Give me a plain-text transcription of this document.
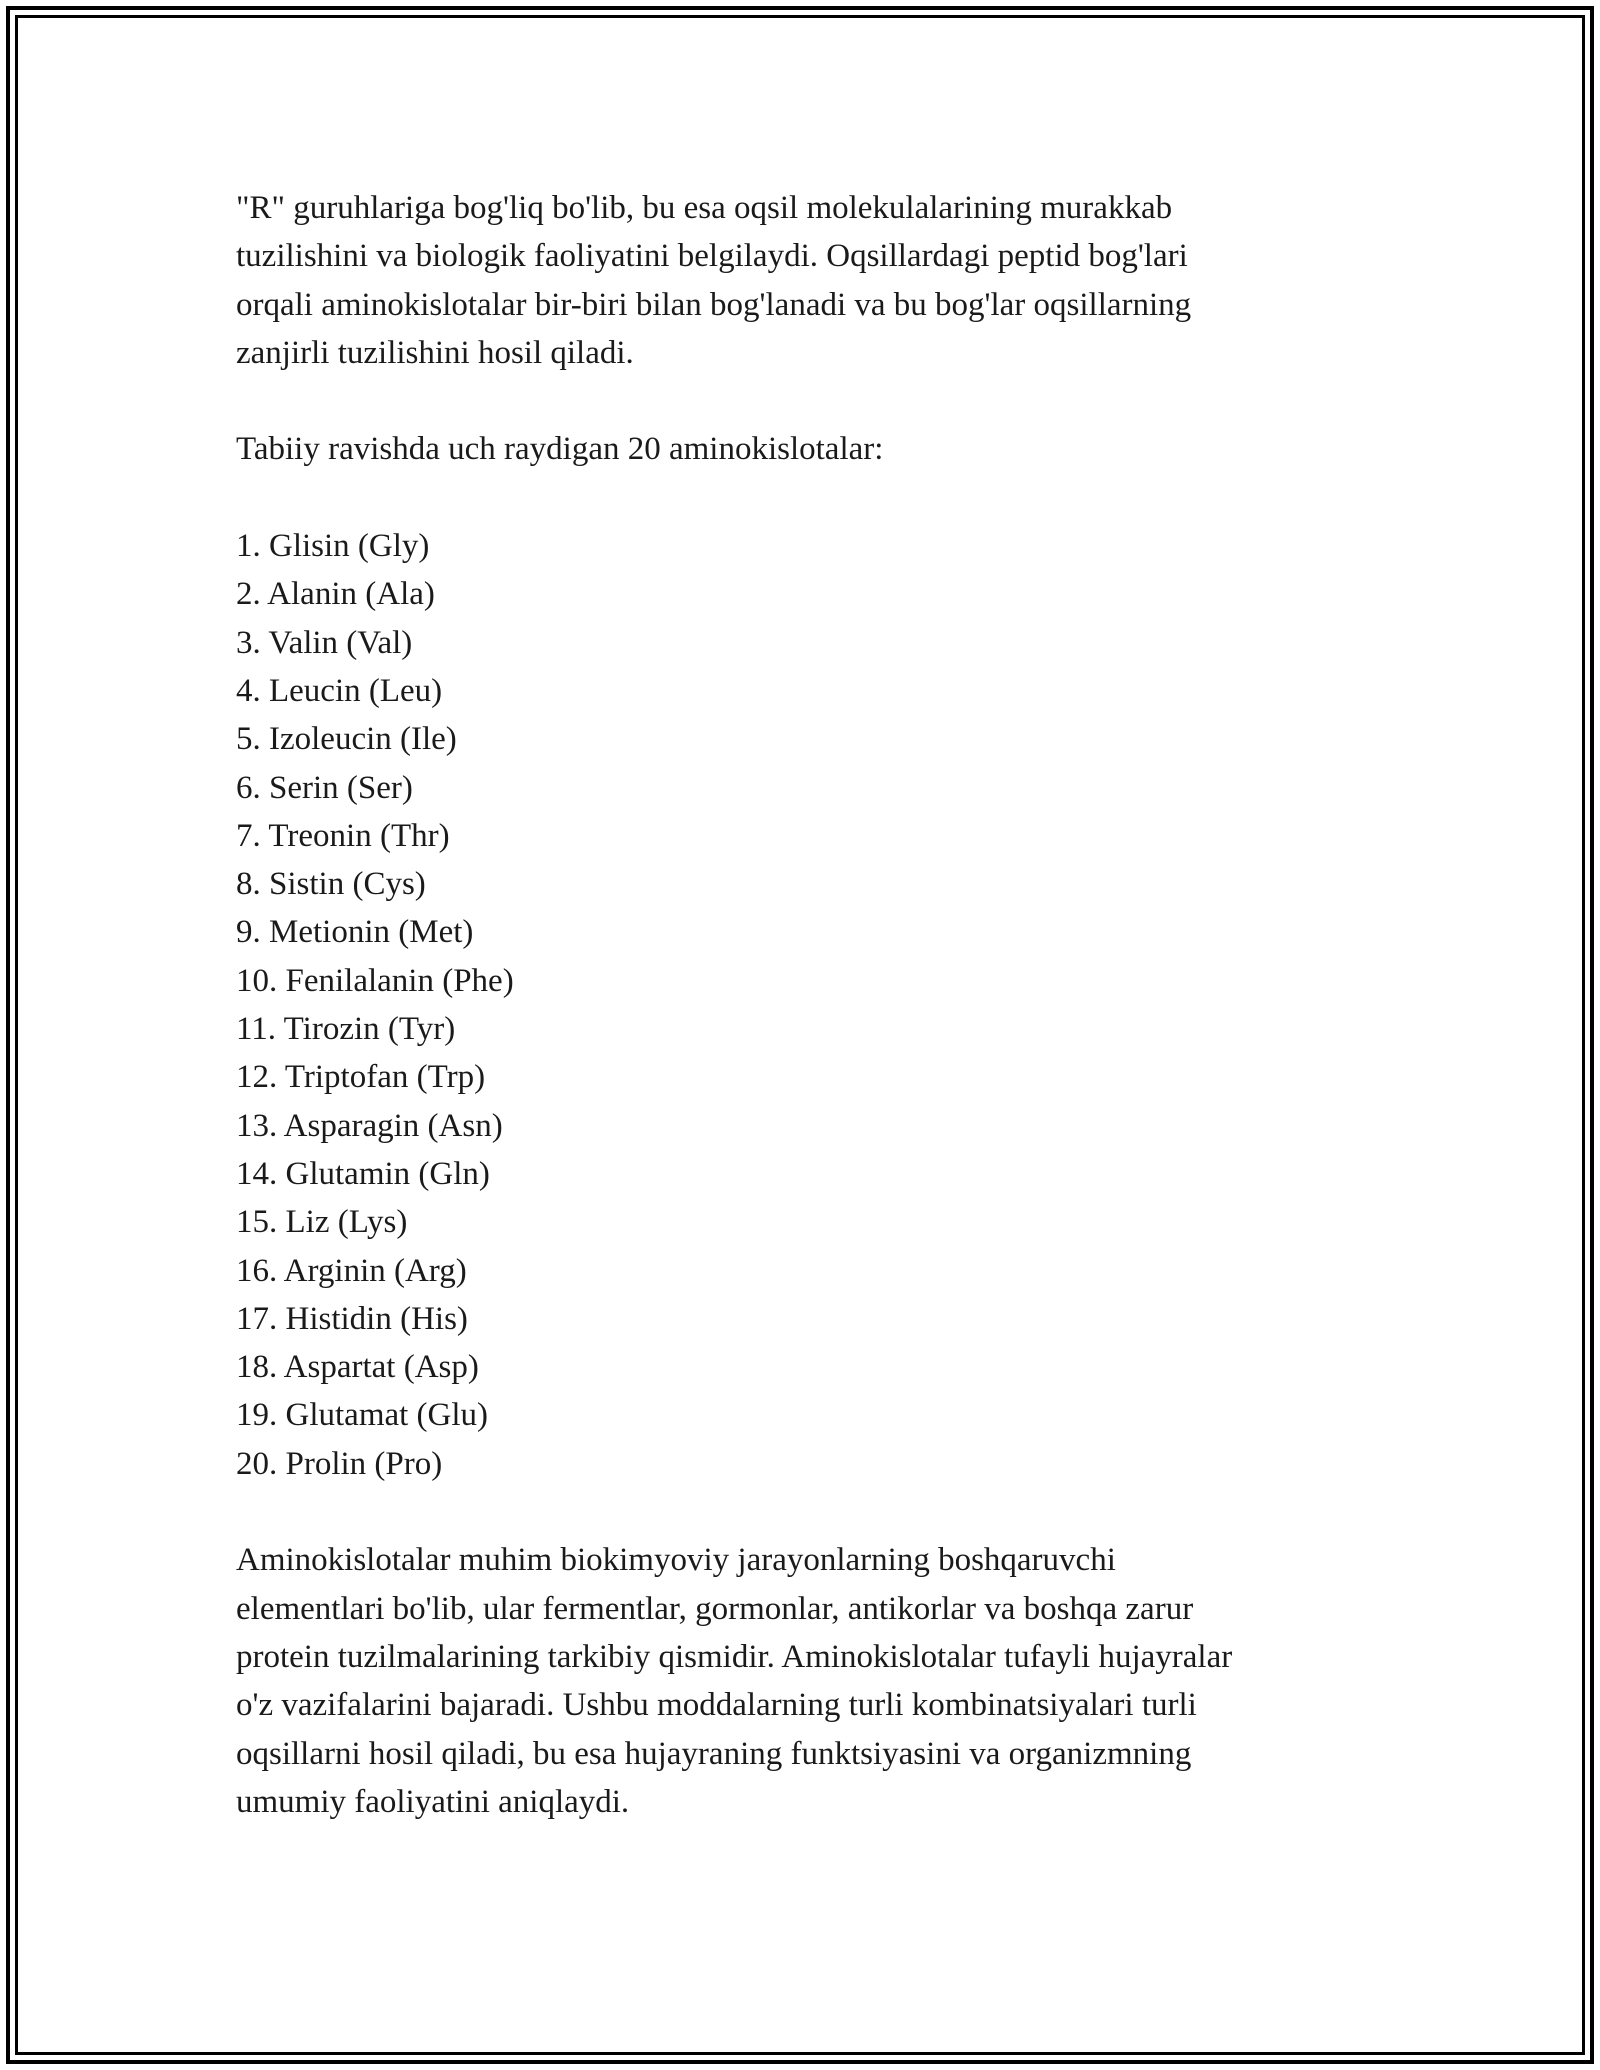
"R" guruhlariga bog'liq bo'lib, bu esa oqsil molekulalarining murakkab
tuzilishini va biologik faoliyatini belgilaydi. Oqsillardagi peptid bog'lari
orqali aminokislotalar bir-biri bilan bog'lanadi va bu bog'lar oqsillarning
zanjirli tuzilishini hosil qiladi.

Tabiiy ravishda uch raydigan 20 aminokislotalar:

1. Glisin (Gly)
2. Alanin (Ala)
3. Valin (Val)
4. Leucin (Leu)
5. Izoleucin (Ile)
6. Serin (Ser)
7. Treonin (Thr)
8. Sistin (Cys)
9. Metionin (Met)
10. Fenilalanin (Phe)
11. Tirozin (Tyr)
12. Triptofan (Trp)
13. Asparagin (Asn)
14. Glutamin (Gln)
15. Liz (Lys)
16. Arginin (Arg)
17. Histidin (His)
18. Aspartat (Asp)
19. Glutamat (Glu)
20. Prolin (Pro)

Aminokislotalar muhim biokimyoviy jarayonlarning boshqaruvchi
elementlari bo'lib, ular fermentlar, gormonlar, antikorlar va boshqa zarur
protein tuzilmalarining tarkibiy qismidir. Aminokislotalar tufayli hujayralar
o'z vazifalarini bajaradi. Ushbu moddalarning turli kombinatsiyalari turli
oqsillarni hosil qiladi, bu esa hujayraning funktsiyasini va organizmning
umumiy faoliyatini aniqlaydi.
